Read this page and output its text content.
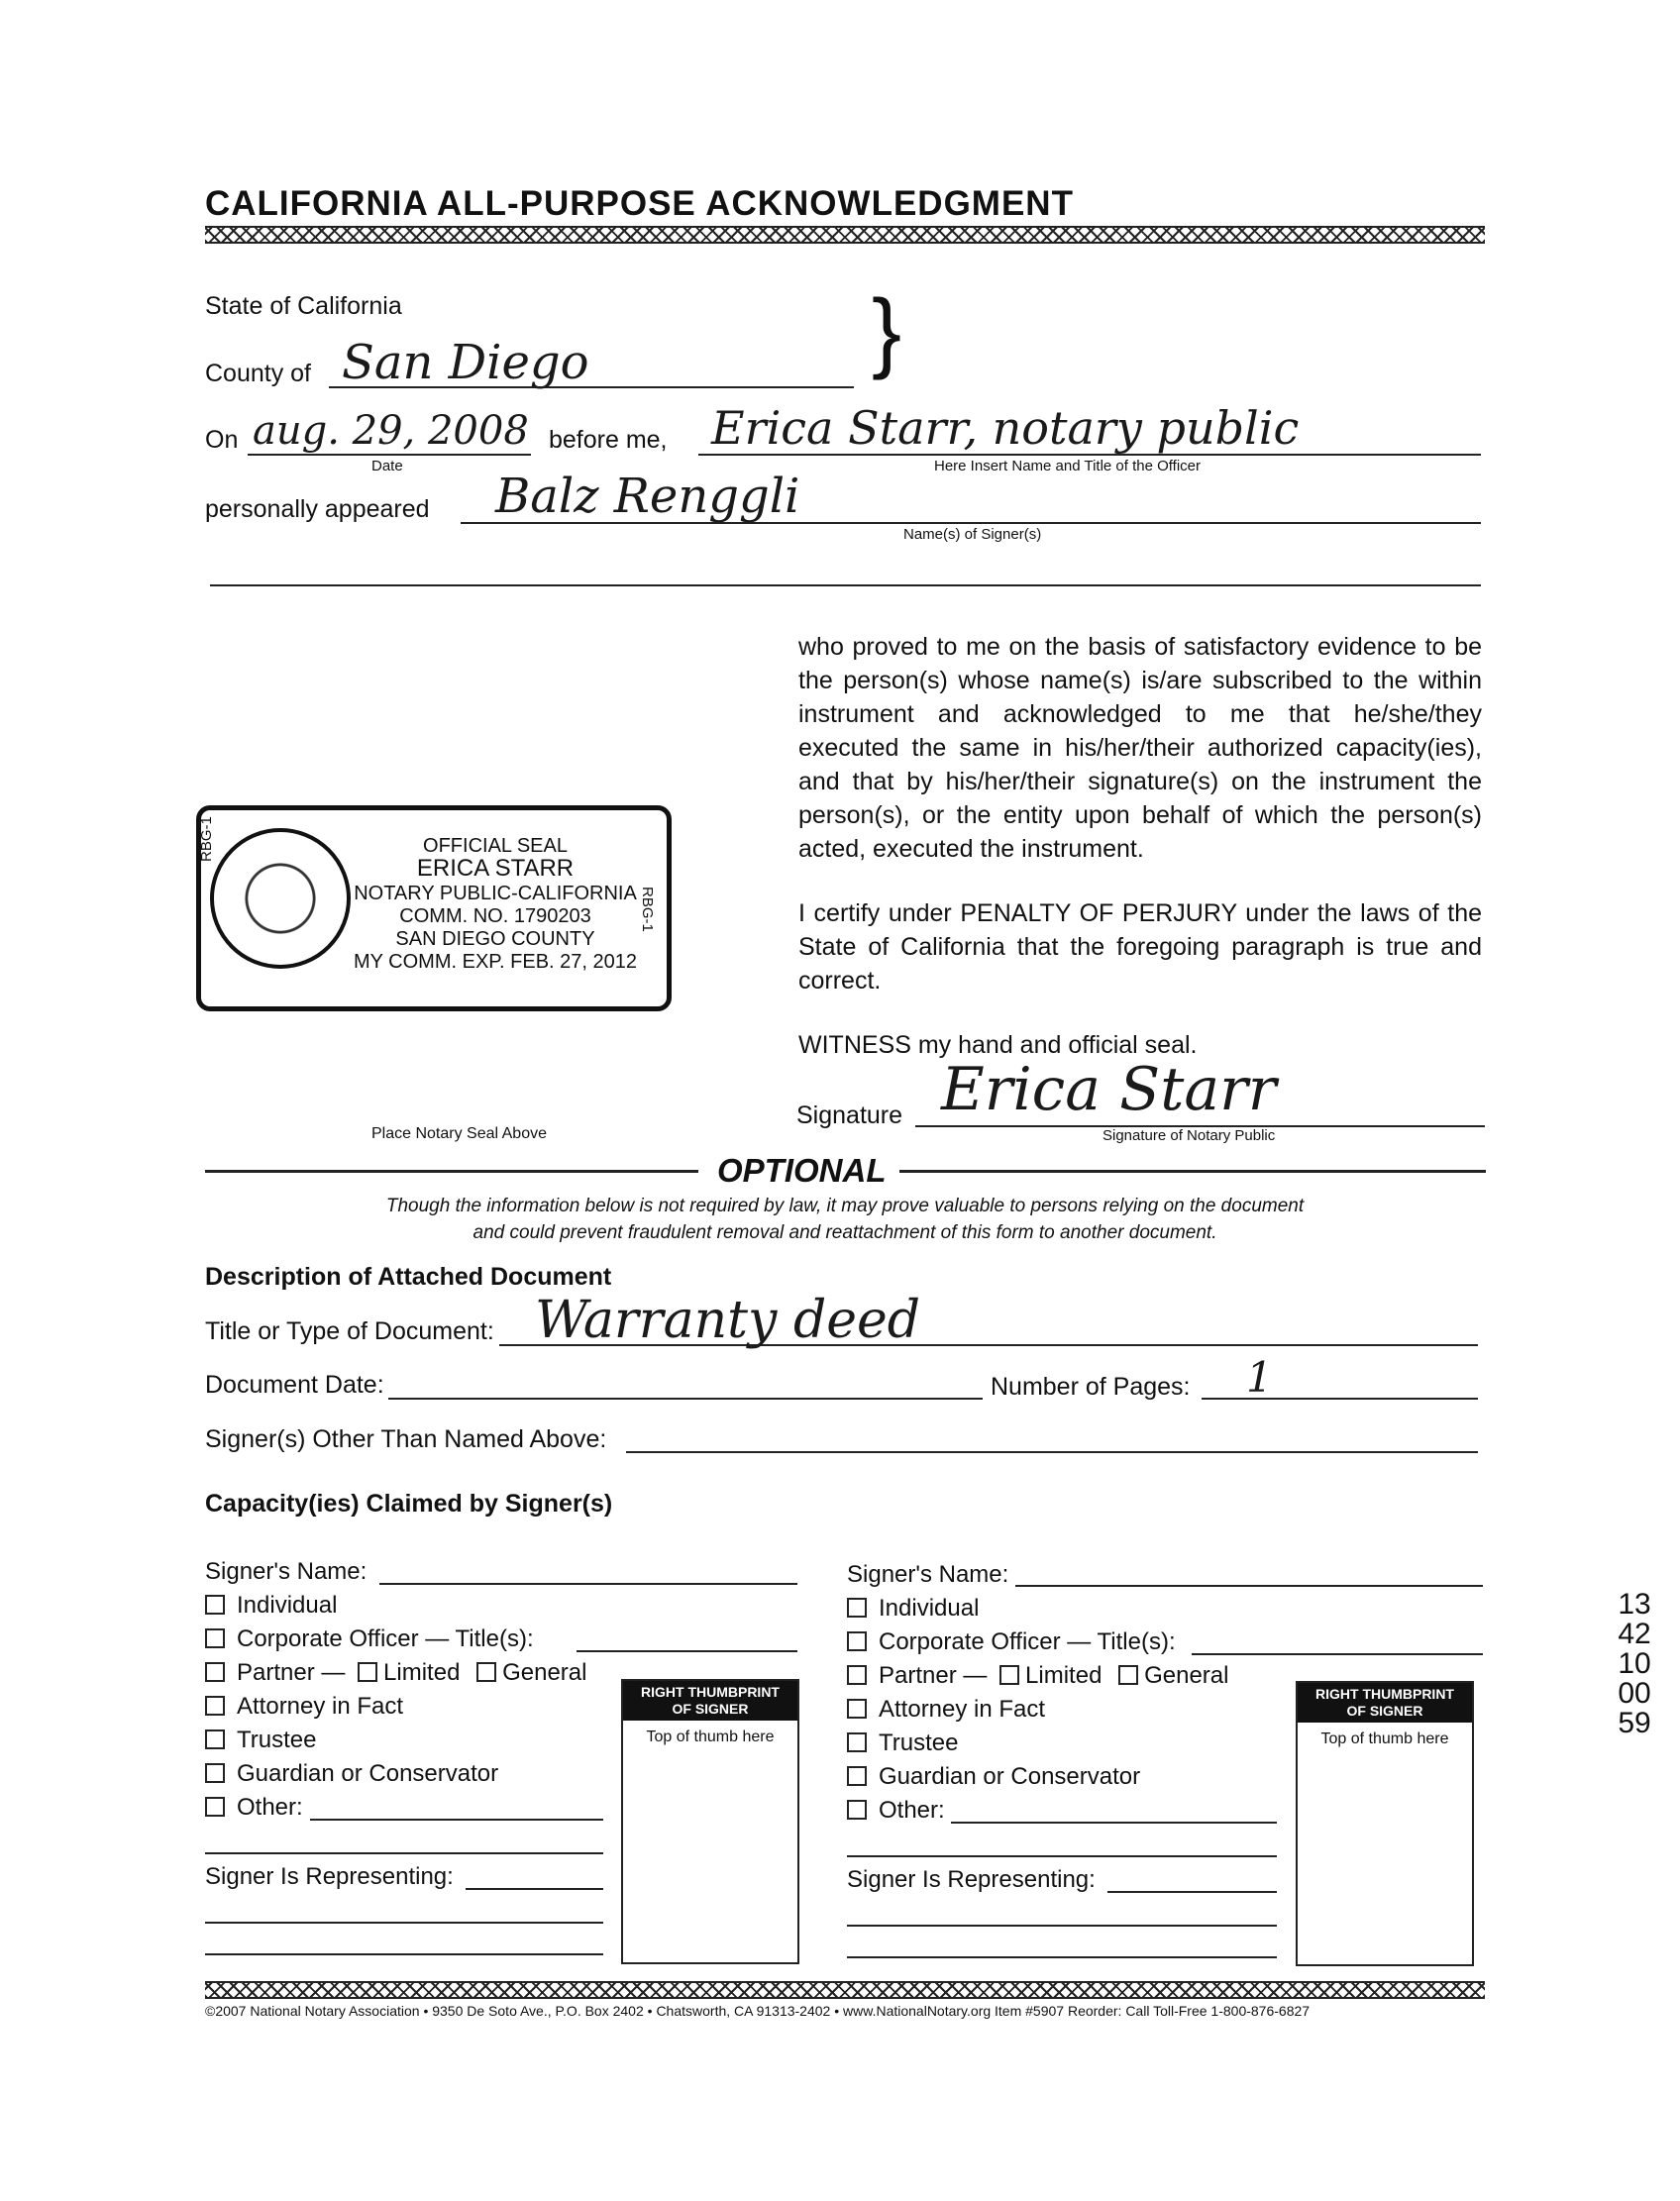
CALIFORNIA ALL-PURPOSE ACKNOWLEDGMENT
State of California	}
County of San Diego
On aug. 29, 2008
Date
before me, Erica Starr, notary public
Here Insert Name and Title of the Officer
personally appeared Balz Renggli
Name(s) of Signer(s)
who proved to me on the basis of satisfactory evidence to be the person(s) whose name(s) is/are subscribed to the within instrument and acknowledged to me that he/she/they executed the same in his/her/their authorized capacity(ies), and that by his/her/their signature(s) on the instrument the person(s), or the entity upon behalf of which the person(s) acted, executed the instrument.
I certify under PENALTY OF PERJURY under the laws of the State of California that the foregoing paragraph is true and correct.
WITNESS my hand and official seal.
Signature Erica Starr
Signature of Notary Public
RBG-1
RBG-1
OFFICIAL SEAL
ERICA STARR
NOTARY PUBLIC-CALIFORNIA
COMM. NO. 1790203
SAN DIEGO COUNTY
MY COMM. EXP. FEB. 27, 2012
Place Notary Seal Above
OPTIONAL
Though the information below is not required by law, it may prove valuable to persons relying on the document
and could prevent fraudulent removal and reattachment of this form to another document.
Description of Attached Document
Title or Type of Document: Warranty deed
Document Date:	Number of Pages: 1
Signer(s) Other Than Named Above:
Capacity(ies) Claimed by Signer(s)
Signer's Name:
Individual
Corporate Officer — Title(s):
Partner — Limited General
Attorney in Fact
Trustee
Guardian or Conservator
Other:
Signer Is Representing:
RIGHT THUMBPRINT
OF SIGNER
Top of thumb here
Signer's Name:
Individual
Corporate Officer — Title(s):
Partner — Limited General
Attorney in Fact
Trustee
Guardian or Conservator
Other:
Signer Is Representing:
RIGHT THUMBPRINT
OF SIGNER
Top of thumb here
©2007 National Notary Association • 9350 De Soto Ave., P.O. Box 2402 • Chatsworth, CA 91313-2402 • www.NationalNotary.org Item #5907 Reorder: Call Toll-Free 1-800-876-6827
1342100059
